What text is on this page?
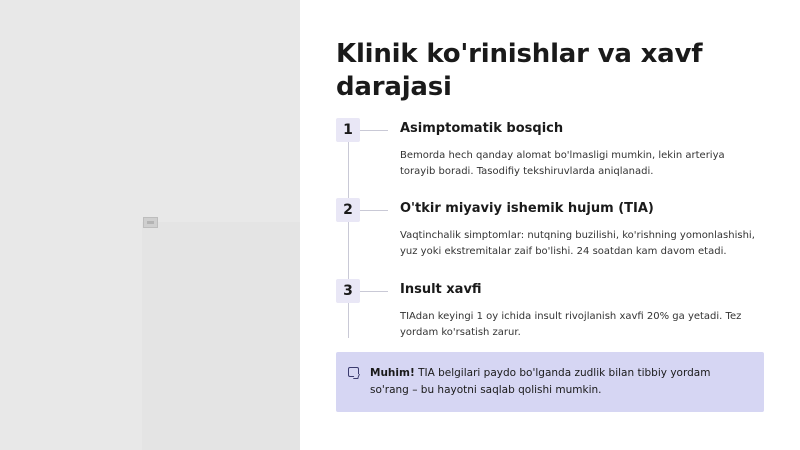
Klinik ko'rinishlar va xavf darajasi
1	Asimptomatik bosqich
Bemorda hech qanday alomat bo'lmasligi mumkin, lekin arteriya torayib boradi. Tasodifiy tekshiruvlarda aniqlanadi.
2	O'tkir miyaviy ishemik hujum (TIA)
Vaqtinchalik simptomlar: nutqning buzilishi, ko'rishning yomonlashishi, yuz yoki ekstremitalar zaif bo'lishi. 24 soatdan kam davom etadi.
3	Insult xavfi
TIAdan keyingi 1 oy ichida insult rivojlanish xavfi 20% ga yetadi. Tez yordam ko'rsatish zarur.
Muhim! TIA belgilari paydo bo'lganda zudlik bilan tibbiy yordam so'rang – bu hayotni saqlab qolishi mumkin.
